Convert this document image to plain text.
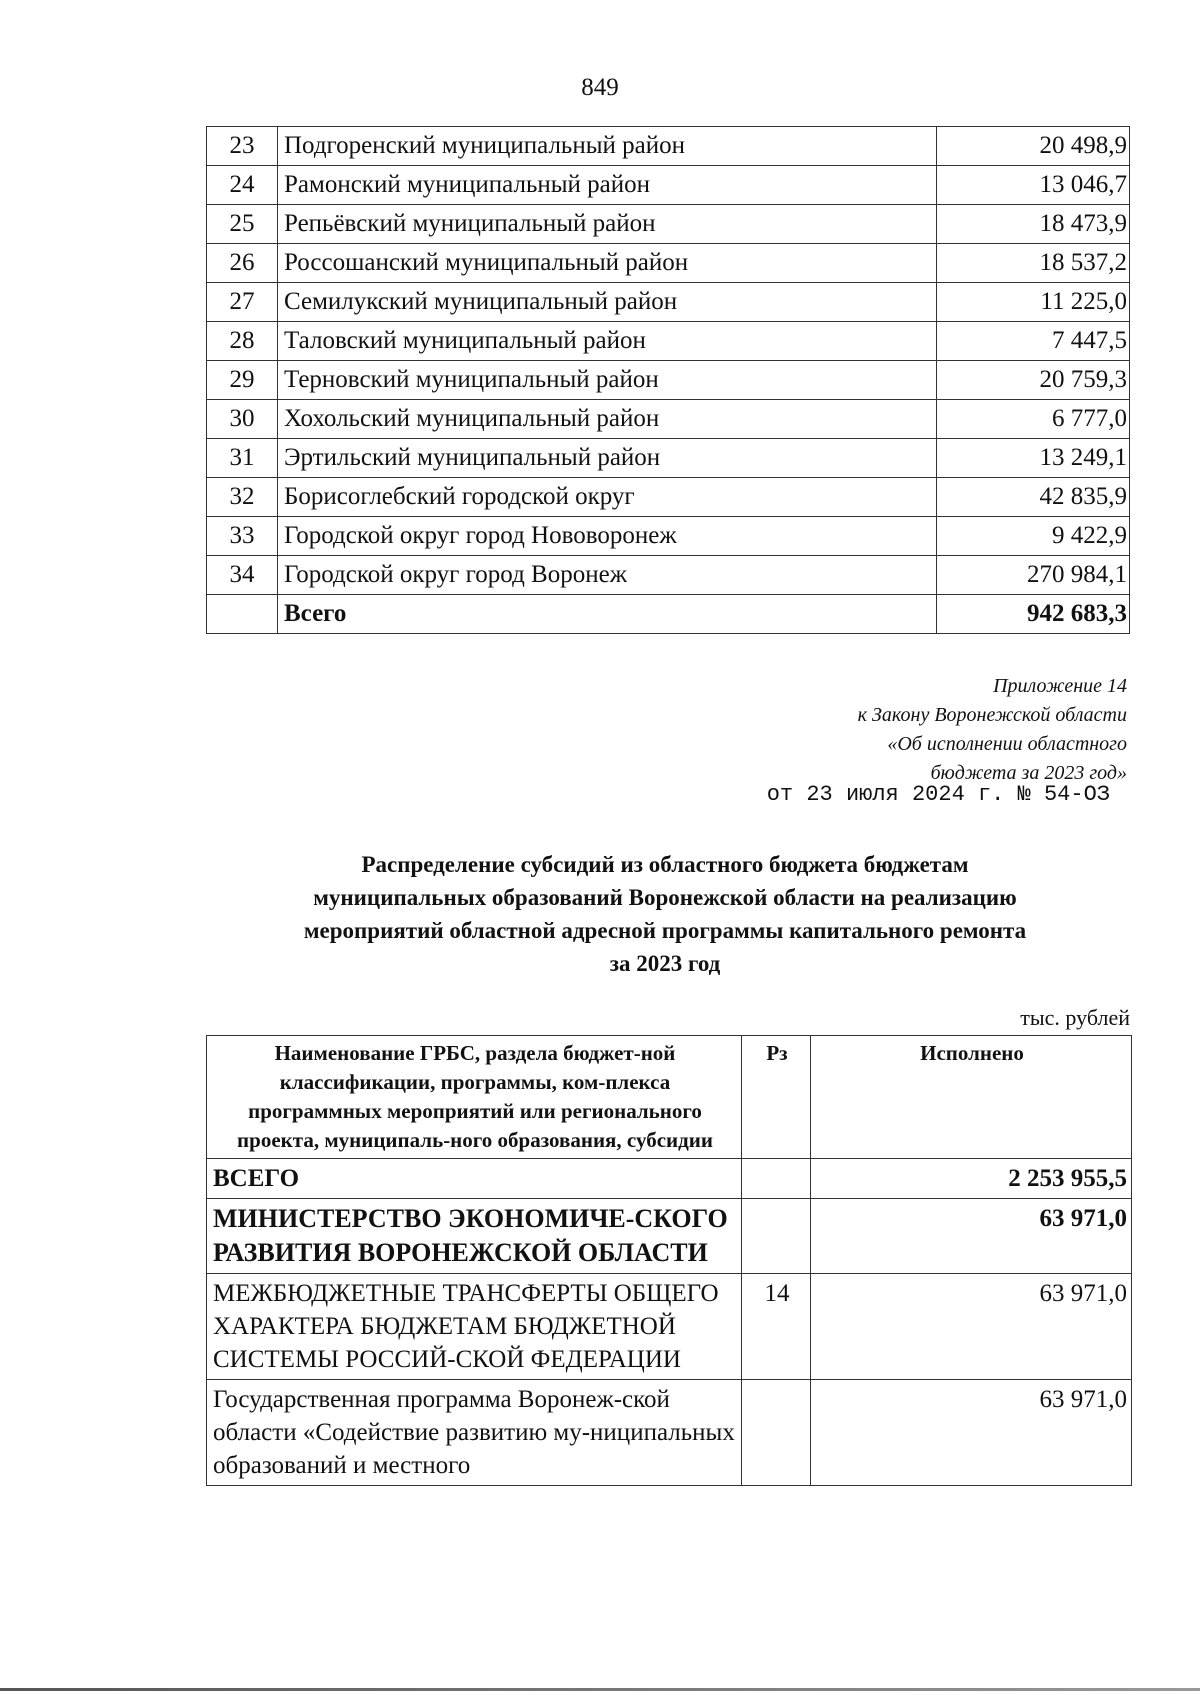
849
23	Подгоренский муниципальный район	20 498,9
24	Рамонский муниципальный район	13 046,7
25	Репьёвский муниципальный район	18 473,9
26	Россошанский муниципальный район	18 537,2
27	Семилукский муниципальный район	11 225,0
28	Таловский муниципальный район	7 447,5
29	Терновский муниципальный район	20 759,3
30	Хохольский муниципальный район	6 777,0
31	Эртильский муниципальный район	13 249,1
32	Борисоглебский городской округ	42 835,9
33	Городской округ город Нововоронеж	9 422,9
34	Городской округ город Воронеж	270 984,1
	Всего	942 683,3
Приложение 14
к Закону Воронежской области
«Об исполнении областного
бюджета за 2023 год»
от 23 июля 2024 г. № 54-ОЗ
Распределение субсидий из областного бюджета бюджетам
муниципальных образований Воронежской области на реализацию
мероприятий областной адресной программы капитального ремонта
за 2023 год
тыс. рублей
Наименование ГРБС, раздела бюджет-ной классификации, программы, ком-плекса программных мероприятий или регионального проекта, муниципаль-ного образования, субсидии	Рз	Исполнено
ВСЕГО		2 253 955,5
МИНИСТЕРСТВО ЭКОНОМИЧЕ-СКОГО РАЗВИТИЯ ВОРОНЕЖСКОЙ ОБЛАСТИ		63 971,0
МЕЖБЮДЖЕТНЫЕ ТРАНСФЕРТЫ ОБЩЕГО ХАРАКТЕРА БЮДЖЕТАМ БЮДЖЕТНОЙ СИСТЕМЫ РОССИЙ-СКОЙ ФЕДЕРАЦИИ	14	63 971,0
Государственная программа Воронеж-ской области «Содействие развитию му-ниципальных образований и местного		63 971,0
